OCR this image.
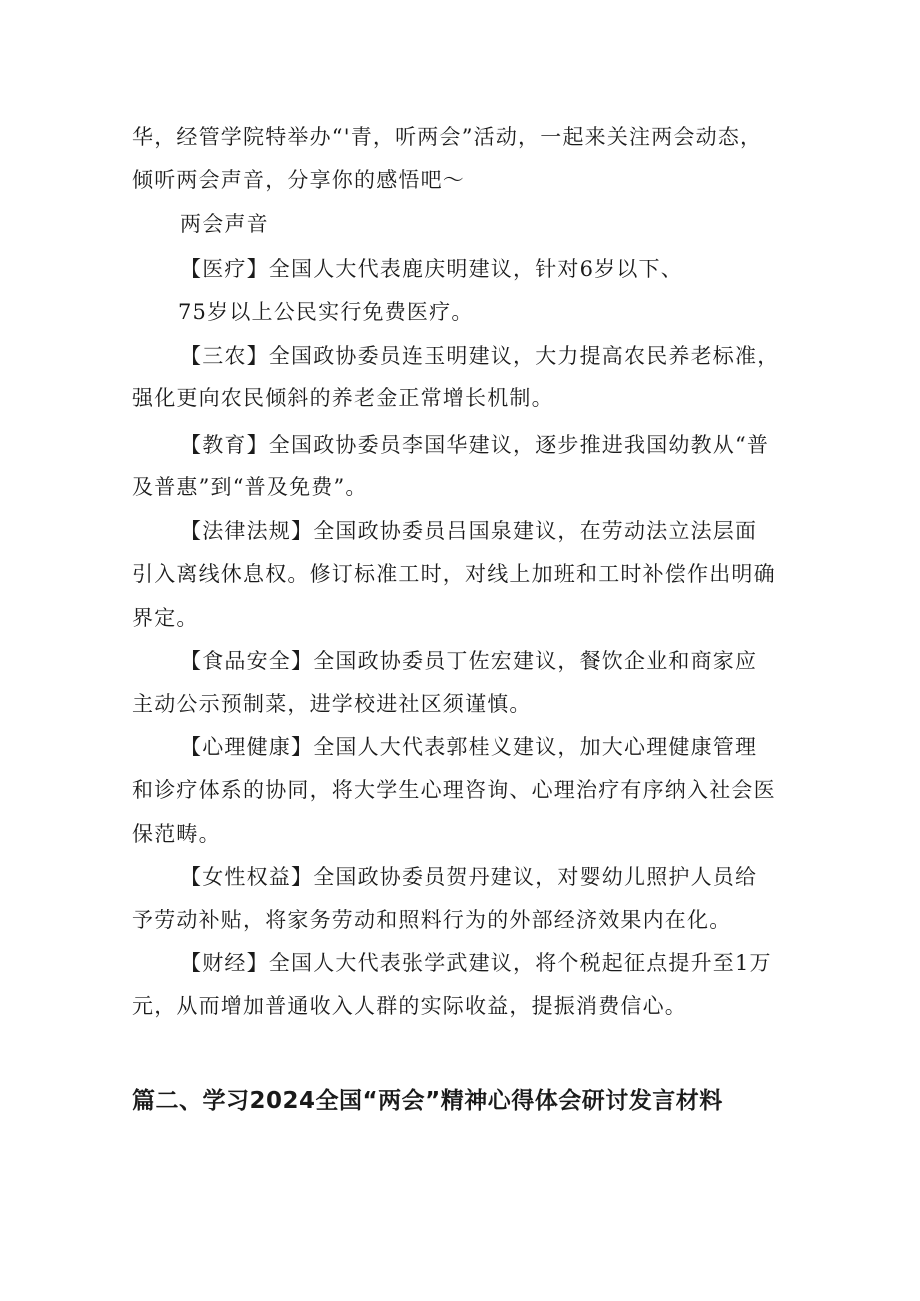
华，经管学院特举办“'青，听两会”活动，一起来关注两会动态，
倾听两会声音，分享你的感悟吧～
两会声音
【医疗】全国人大代表鹿庆明建议，针对6岁以下、
75岁以上公民实行免费医疗。
【三农】全国政协委员连玉明建议，大力提高农民养老标准，
强化更向农民倾斜的养老金正常增长机制。
【教育】全国政协委员李国华建议，逐步推进我国幼教从“普
及普惠”到“普及免费”。
【法律法规】全国政协委员吕国泉建议，在劳动法立法层面
引入离线休息权。修订标准工时，对线上加班和工时补偿作出明确
界定。
【食品安全】全国政协委员丁佐宏建议，餐饮企业和商家应
主动公示预制菜，进学校进社区须谨慎。
【心理健康】全国人大代表郭桂义建议，加大心理健康管理
和诊疗体系的协同，将大学生心理咨询、心理治疗有序纳入社会医
保范畴。
【女性权益】全国政协委员贺丹建议，对婴幼儿照护人员给
予劳动补贴，将家务劳动和照料行为的外部经济效果内在化。
【财经】全国人大代表张学武建议，将个税起征点提升至1万
元，从而增加普通收入人群的实际收益，提振消费信心。
篇二、学习2024全国“两会”精神心得体会研讨发言材料
